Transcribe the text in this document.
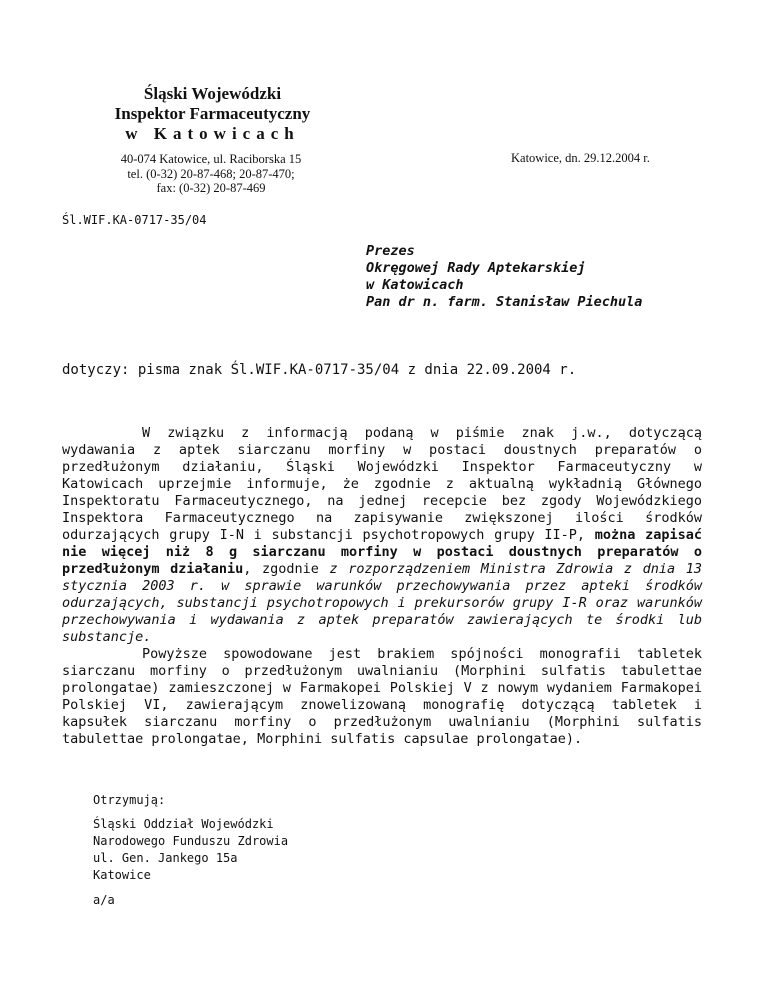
Śląski Wojewódzki
Inspektor Farmaceutyczny
w Katowicach
40-074 Katowice, ul. Raciborska 15
tel. (0-32) 20-87-468; 20-87-470;
fax: (0-32) 20-87-469
Katowice, dn. 29.12.2004 r.
Śl.WIF.KA-0717-35/04
Prezes
Okręgowej Rady Aptekarskiej
w Katowicach
Pan dr n. farm. Stanisław Piechula
dotyczy: pisma znak Śl.WIF.KA-0717-35/04 z dnia 22.09.2004 r.

W związku z informacją podaną w piśmie znak j.w., dotyczącą wydawania z aptek siarczanu morfiny w postaci doustnych preparatów o przedłużonym działaniu, Śląski Wojewódzki Inspektor Farmaceutyczny w Katowicach uprzejmie informuje, że zgodnie z aktualną wykładnią Głównego Inspektoratu Farmaceutycznego, na jednej recepcie bez zgody Wojewódzkiego Inspektora Farmaceutycznego na zapisywanie zwiększonej ilości środków odurzających grupy I-N i substancji psychotropowych grupy II-P, można zapisać nie więcej niż 8 g siarczanu morfiny w postaci doustnych preparatów o przedłużonym działaniu, zgodnie z rozporządzeniem Ministra Zdrowia z dnia 13 stycznia 2003 r. w sprawie warunków przechowywania przez apteki środków odurzających, substancji psychotropowych i prekursorów grupy I-R oraz warunków przechowywania i wydawania z aptek preparatów zawierających te środki lub substancje.

Powyższe spowodowane jest brakiem spójności monografii tabletek siarczanu morfiny o przedłużonym uwalnianiu (Morphini sulfatis tabulettae prolongatae) zamieszczonej w Farmakopei Polskiej V z nowym wydaniem Farmakopei Polskiej VI, zawierającym znowelizowaną monografię dotyczącą tabletek i kapsułek siarczanu morfiny o przedłużonym uwalnianiu (Morphini sulfatis tabulettae prolongatae, Morphini sulfatis capsulae prolongatae).

Otrzymują:
Śląski Oddział Wojewódzki
Narodowego Funduszu Zdrowia
ul. Gen. Jankego 15a
Katowice
a/a
